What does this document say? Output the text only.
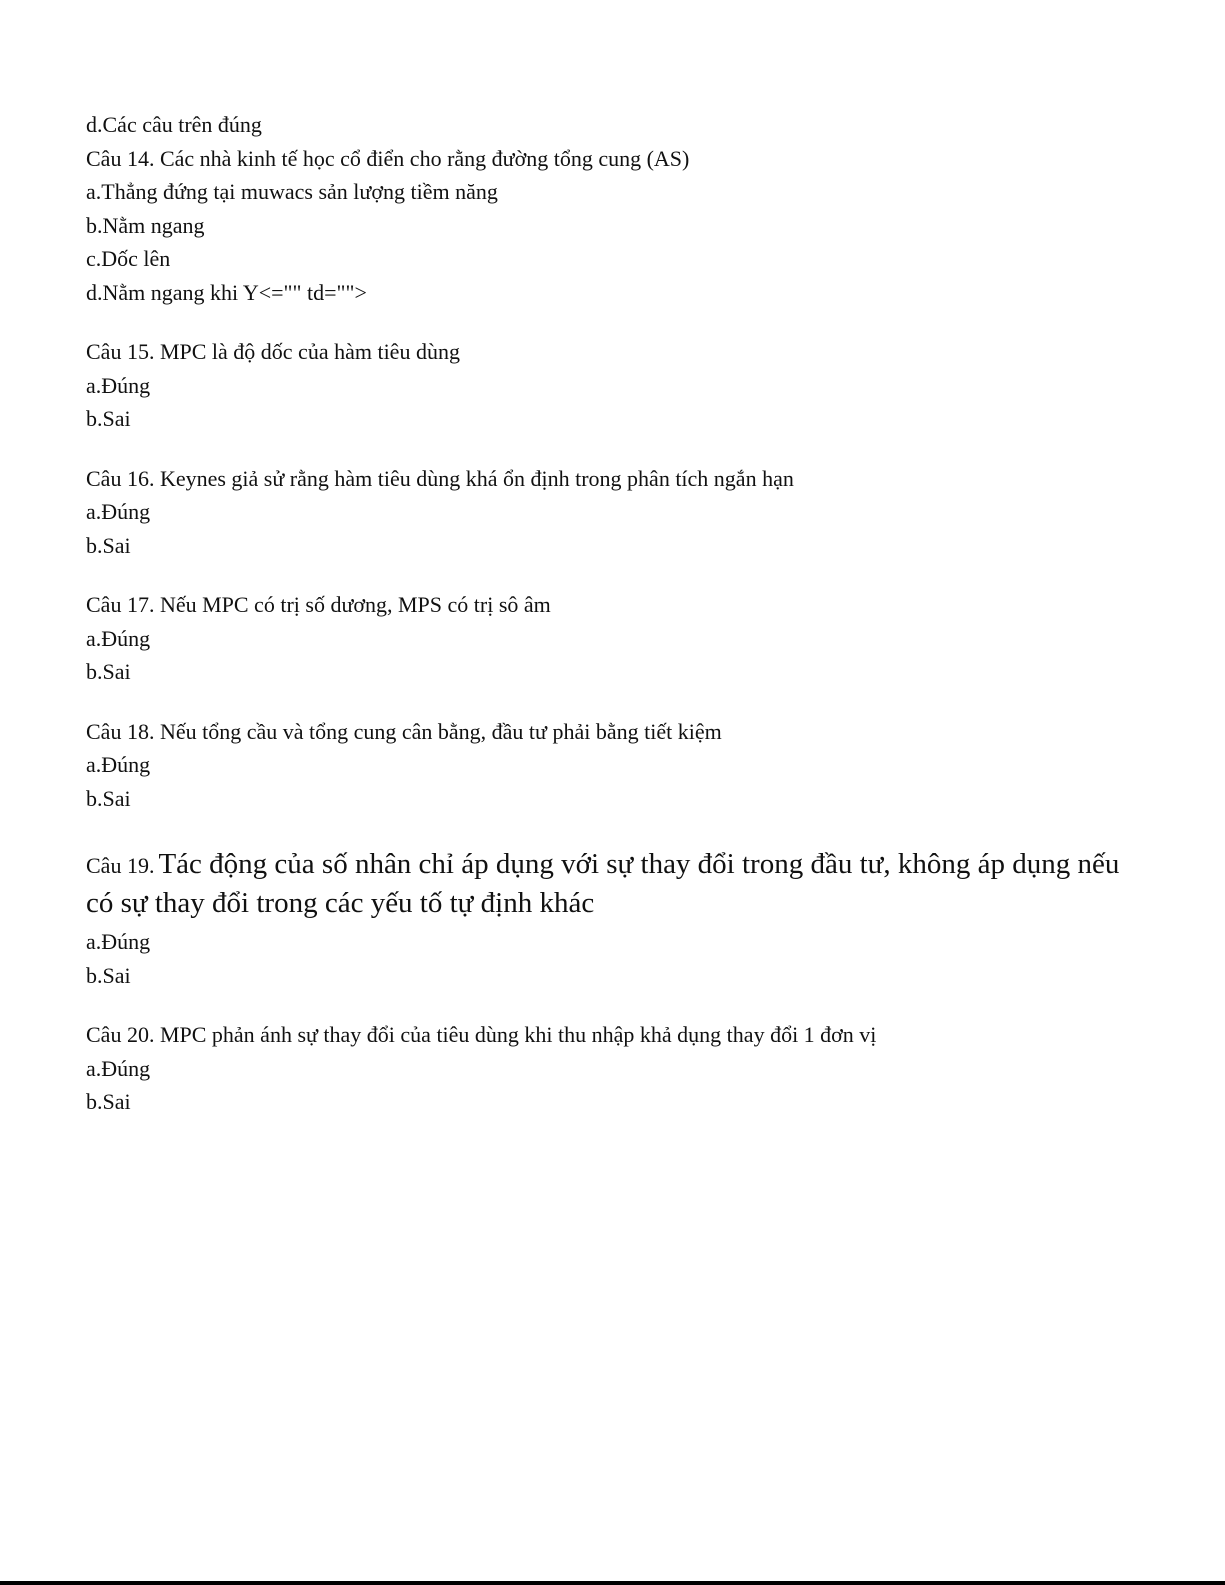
d.Các câu trên đúng
Câu 14. Các nhà kinh tế học cổ điển cho rằng đường tổng cung (AS)
a.Thẳng đứng tại muwacs sản lượng tiềm năng
b.Nằm ngang
c.Dốc lên
d.Nằm ngang khi Y<="" td="">
Câu 15. MPC là độ dốc của hàm tiêu dùng
a.Đúng
b.Sai
Câu 16. Keynes giả sử rằng hàm tiêu dùng khá ổn định trong phân tích ngắn hạn
a.Đúng
b.Sai
Câu 17. Nếu MPC có trị số dương, MPS có trị sô âm
a.Đúng
b.Sai
Câu 18. Nếu tổng cầu và tổng cung cân bằng, đầu tư phải bằng tiết kiệm
a.Đúng
b.Sai
Câu 19. Tác động của số nhân chỉ áp dụng với sự thay đổi trong đầu tư, không áp dụng nếu có sự thay đổi trong các yếu tố tự định khác
a.Đúng
b.Sai
Câu 20. MPC phản ánh sự thay đổi của tiêu dùng khi thu nhập khả dụng thay đổi 1 đơn vị
a.Đúng
b.Sai
